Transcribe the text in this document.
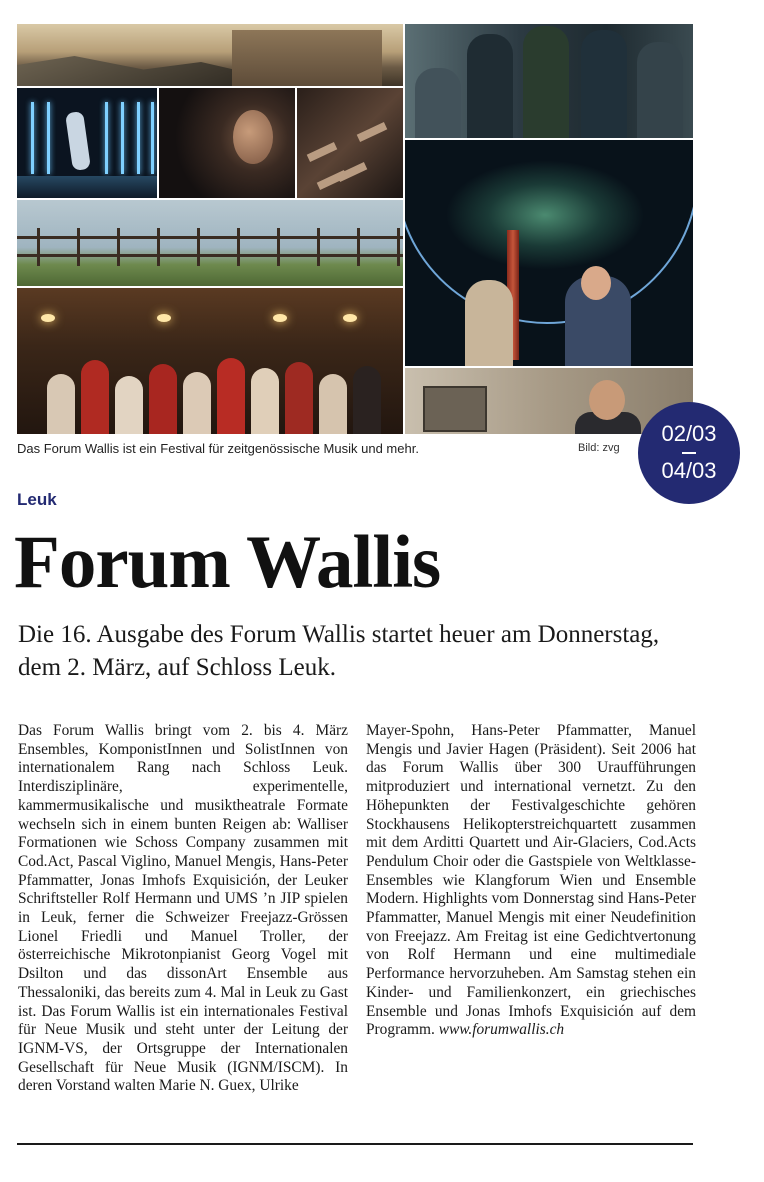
Das Forum Wallis ist ein Festival für zeitgenössische Musik und mehr.	Bild: zvg
02/03
04/03
Leuk
Forum Wallis

Die 16. Ausgabe des Forum Wallis startet heuer am Donnerstag, dem 2. März, auf Schloss Leuk.

Das Forum Wallis bringt vom 2. bis 4. März Ensembles, KomponistInnen und SolistInnen von internationalem Rang nach Schloss Leuk. Interdisziplinäre, experimentelle, kammermusikalische und musiktheatrale Formate wechseln sich in einem bunten Reigen ab: Walliser Formationen wie Schoss Company zusammen mit Cod.Act, Pascal Viglino, Manuel Mengis, Hans-Peter Pfammatter, Jonas Imhofs Exquisición, der Leuker Schriftsteller Rolf Hermann und UMS ’n JIP spielen in Leuk, ferner die Schweizer Freejazz-Grössen Lionel Friedli und Manuel Troller, der österreichische Mikrotonpianist Georg Vogel mit Dsilton und das dissonArt Ensemble aus Thessaloniki, das bereits zum 4. Mal in Leuk zu Gast ist. Das Forum Wallis ist ein internationales Festival für Neue Musik und steht unter der Leitung der IGNM-VS, der Ortsgruppe der Internationalen Gesellschaft für Neue Musik (IGNM/ISCM). In deren Vorstand walten Marie N. Guex, Ulrike

Mayer-Spohn, Hans-Peter Pfammatter, Manuel Mengis und Javier Hagen (Präsident). Seit 2006 hat das Forum Wallis über 300 Uraufführungen mitproduziert und international vernetzt. Zu den Höhepunkten der Festivalgeschichte gehören Stockhausens Helikopterstreichquartett zusammen mit dem Arditti Quartett und Air-Glaciers, Cod.Acts Pendulum Choir oder die Gastspiele von Weltklasse-Ensembles wie Klangforum Wien und Ensemble Modern. Highlights vom Donnerstag sind Hans-Peter Pfammatter, Manuel Mengis mit einer Neudefinition von Freejazz. Am Freitag ist eine Gedichtvertonung von Rolf Hermann und eine multimediale Performance hervorzuheben. Am Samstag stehen ein Kinder- und Familienkonzert, ein griechisches Ensemble und Jonas Imhofs Exquisición auf dem Programm. www.forumwallis.ch
